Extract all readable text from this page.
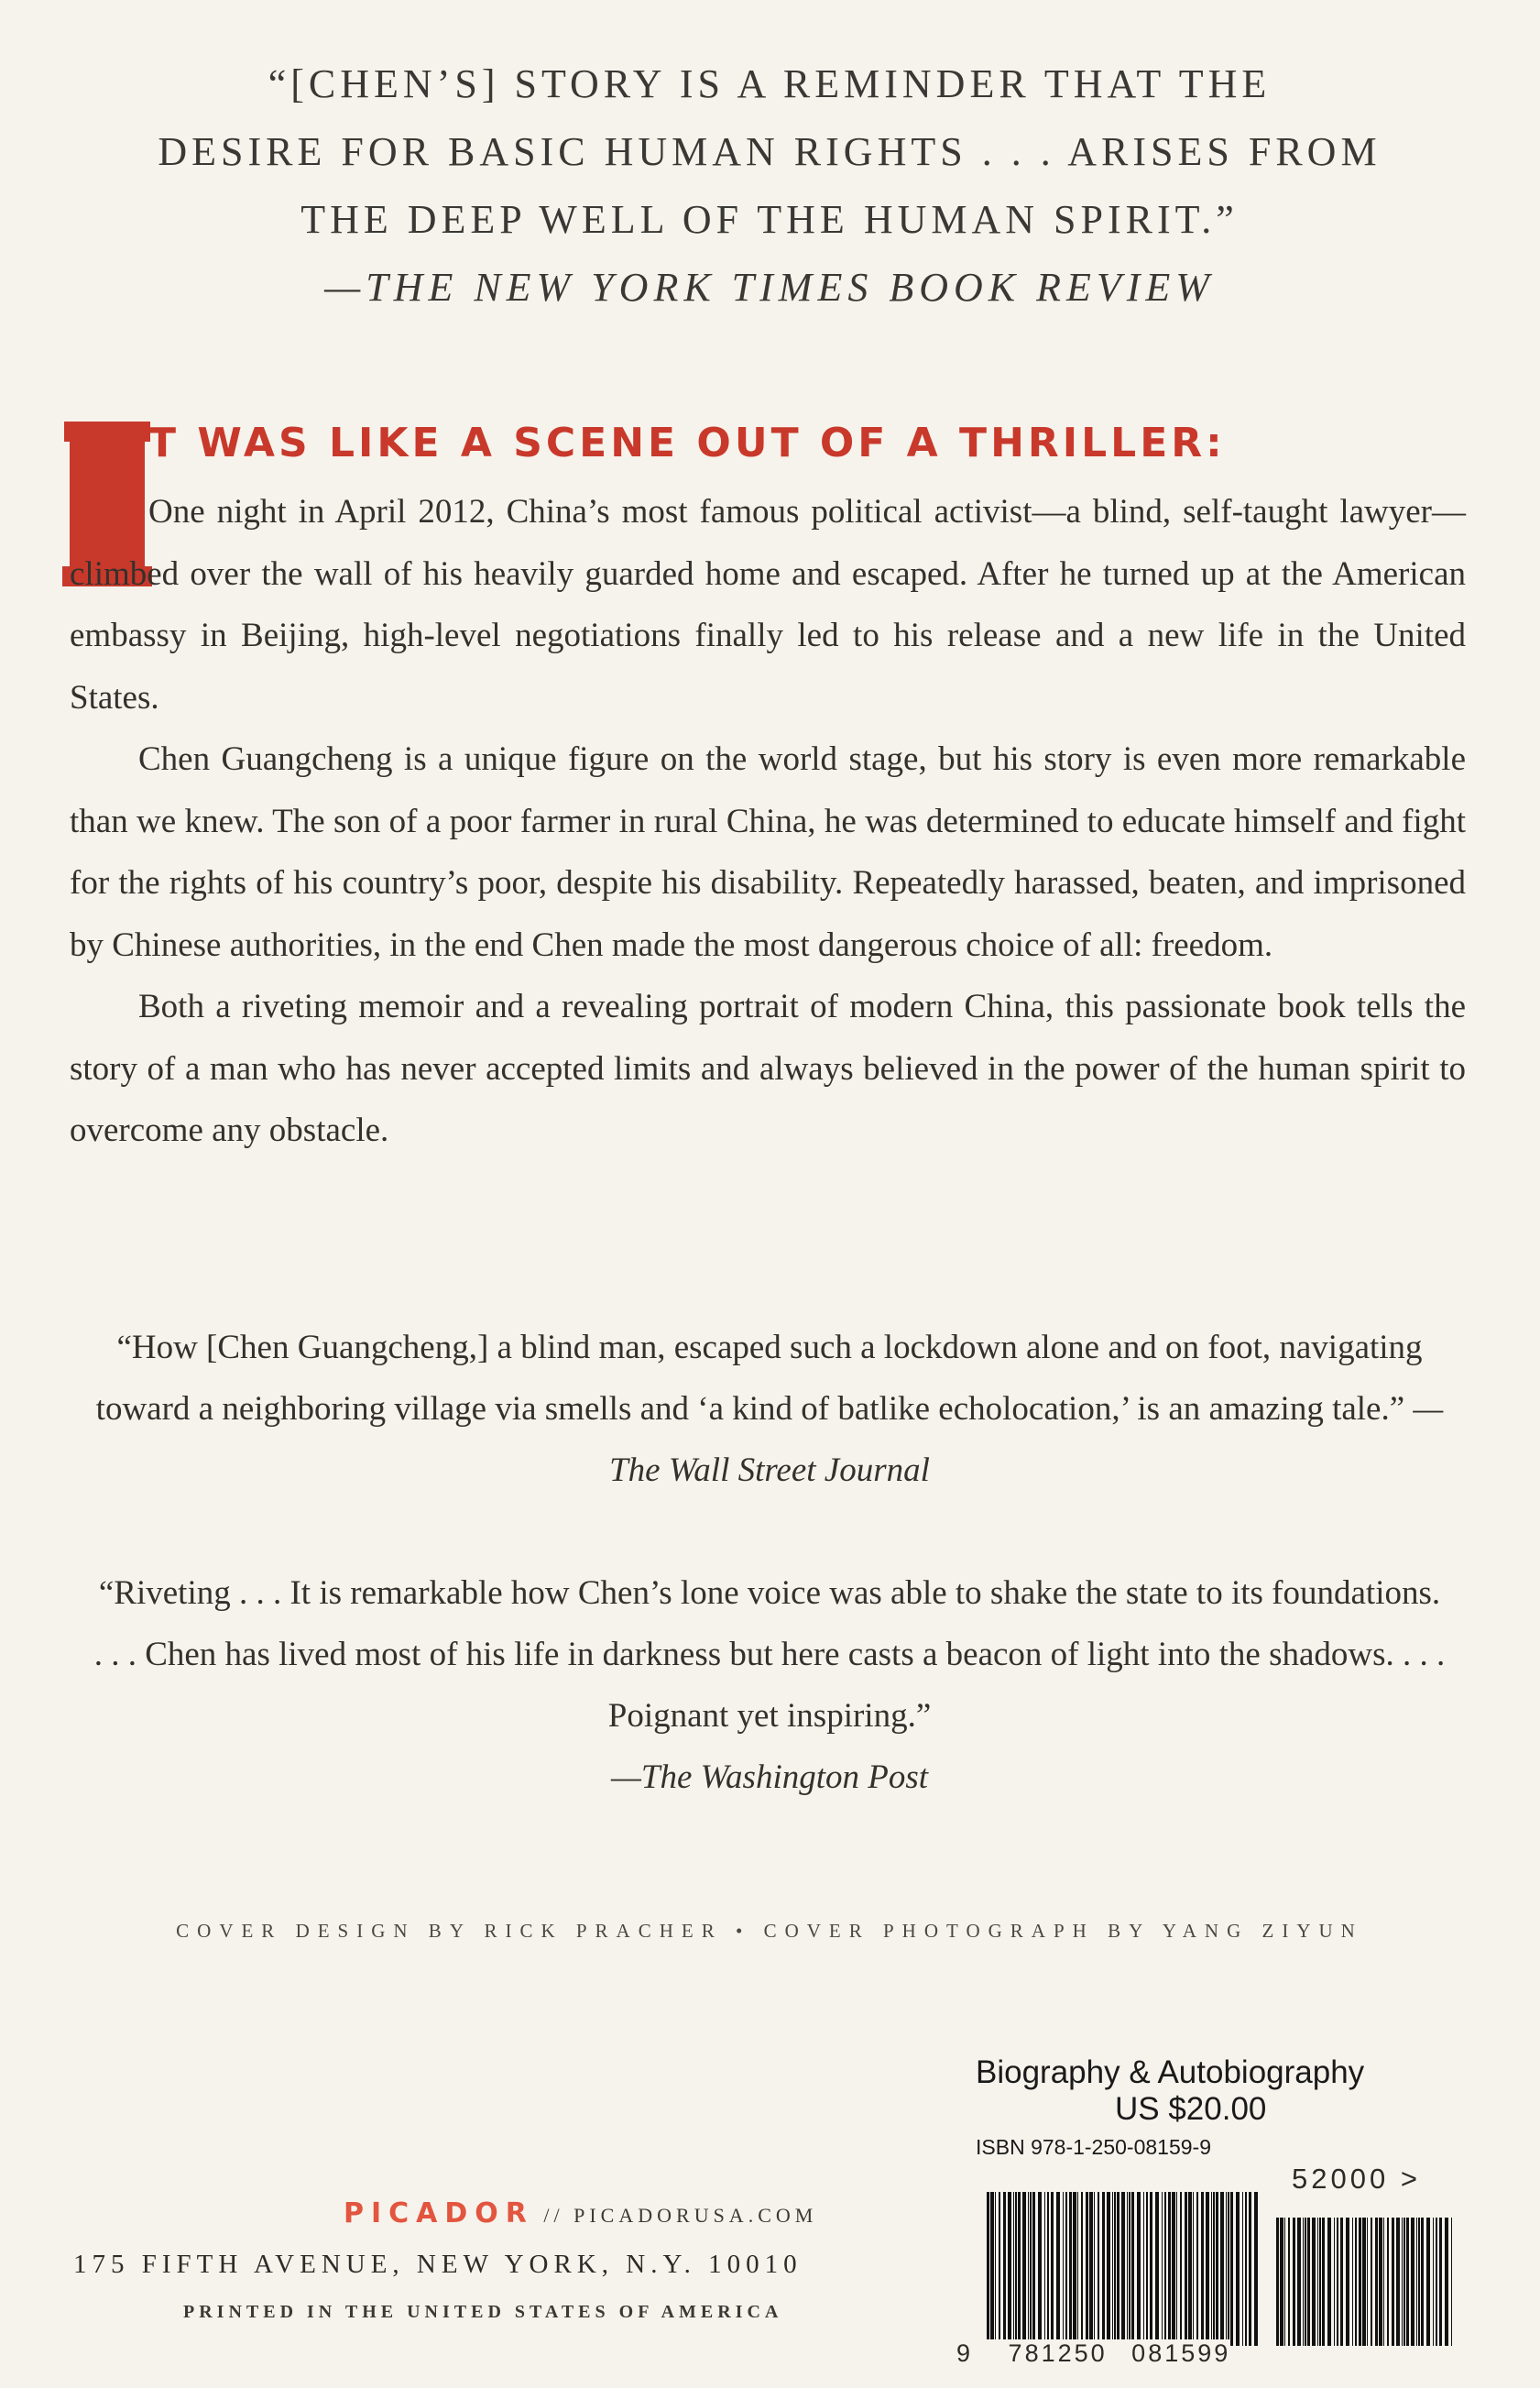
“[CHEN’S] STORY IS A REMINDER THAT THE
DESIRE FOR BASIC HUMAN RIGHTS . . . ARISES FROM
THE DEEP WELL OF THE HUMAN SPIRIT.”
—THE NEW YORK TIMES BOOK REVIEW
T WAS LIKE A SCENE OUT OF A THRILLER:

One night in April 2012, China’s most famous political activist—a blind, self-taught lawyer—climbed over the wall of his heavily guarded home and escaped. After he turned up at the American embassy in Beijing, high-level negotiations finally led to his release and a new life in the United States.

Chen Guangcheng is a unique figure on the world stage, but his story is even more remarkable than we knew. The son of a poor farmer in rural China, he was determined to educate himself and fight for the rights of his country’s poor, despite his disability. Repeatedly harassed, beaten, and imprisoned by Chinese authorities, in the end Chen made the most dangerous choice of all: freedom.

Both a riveting memoir and a revealing portrait of modern China, this passionate book tells the story of a man who has never accepted limits and always believed in the power of the human spirit to overcome any obstacle.

“How [Chen Guangcheng,] a blind man, escaped such a lockdown alone and on foot, navigating toward a neighboring village via smells and ‘a kind of batlike echolocation,’ is an amazing tale.” —The Wall Street Journal
“Riveting . . . It is remarkable how Chen’s lone voice was able to shake the state to its foundations. . . . Chen has lived most of his life in darkness but here casts a beacon of light into the shadows. . . . Poignant yet inspiring.”
—The Washington Post
COVER DESIGN BY RICK PRACHER • COVER PHOTOGRAPH BY YANG ZIYUN
Biography & Autobiography
US $20.00
ISBN 978-1-250-08159-9
52000 >
9 781250 081599
PICADOR // PICADORUSA.COM
175 FIFTH AVENUE, NEW YORK, N.Y. 10010
PRINTED IN THE UNITED STATES OF AMERICA
